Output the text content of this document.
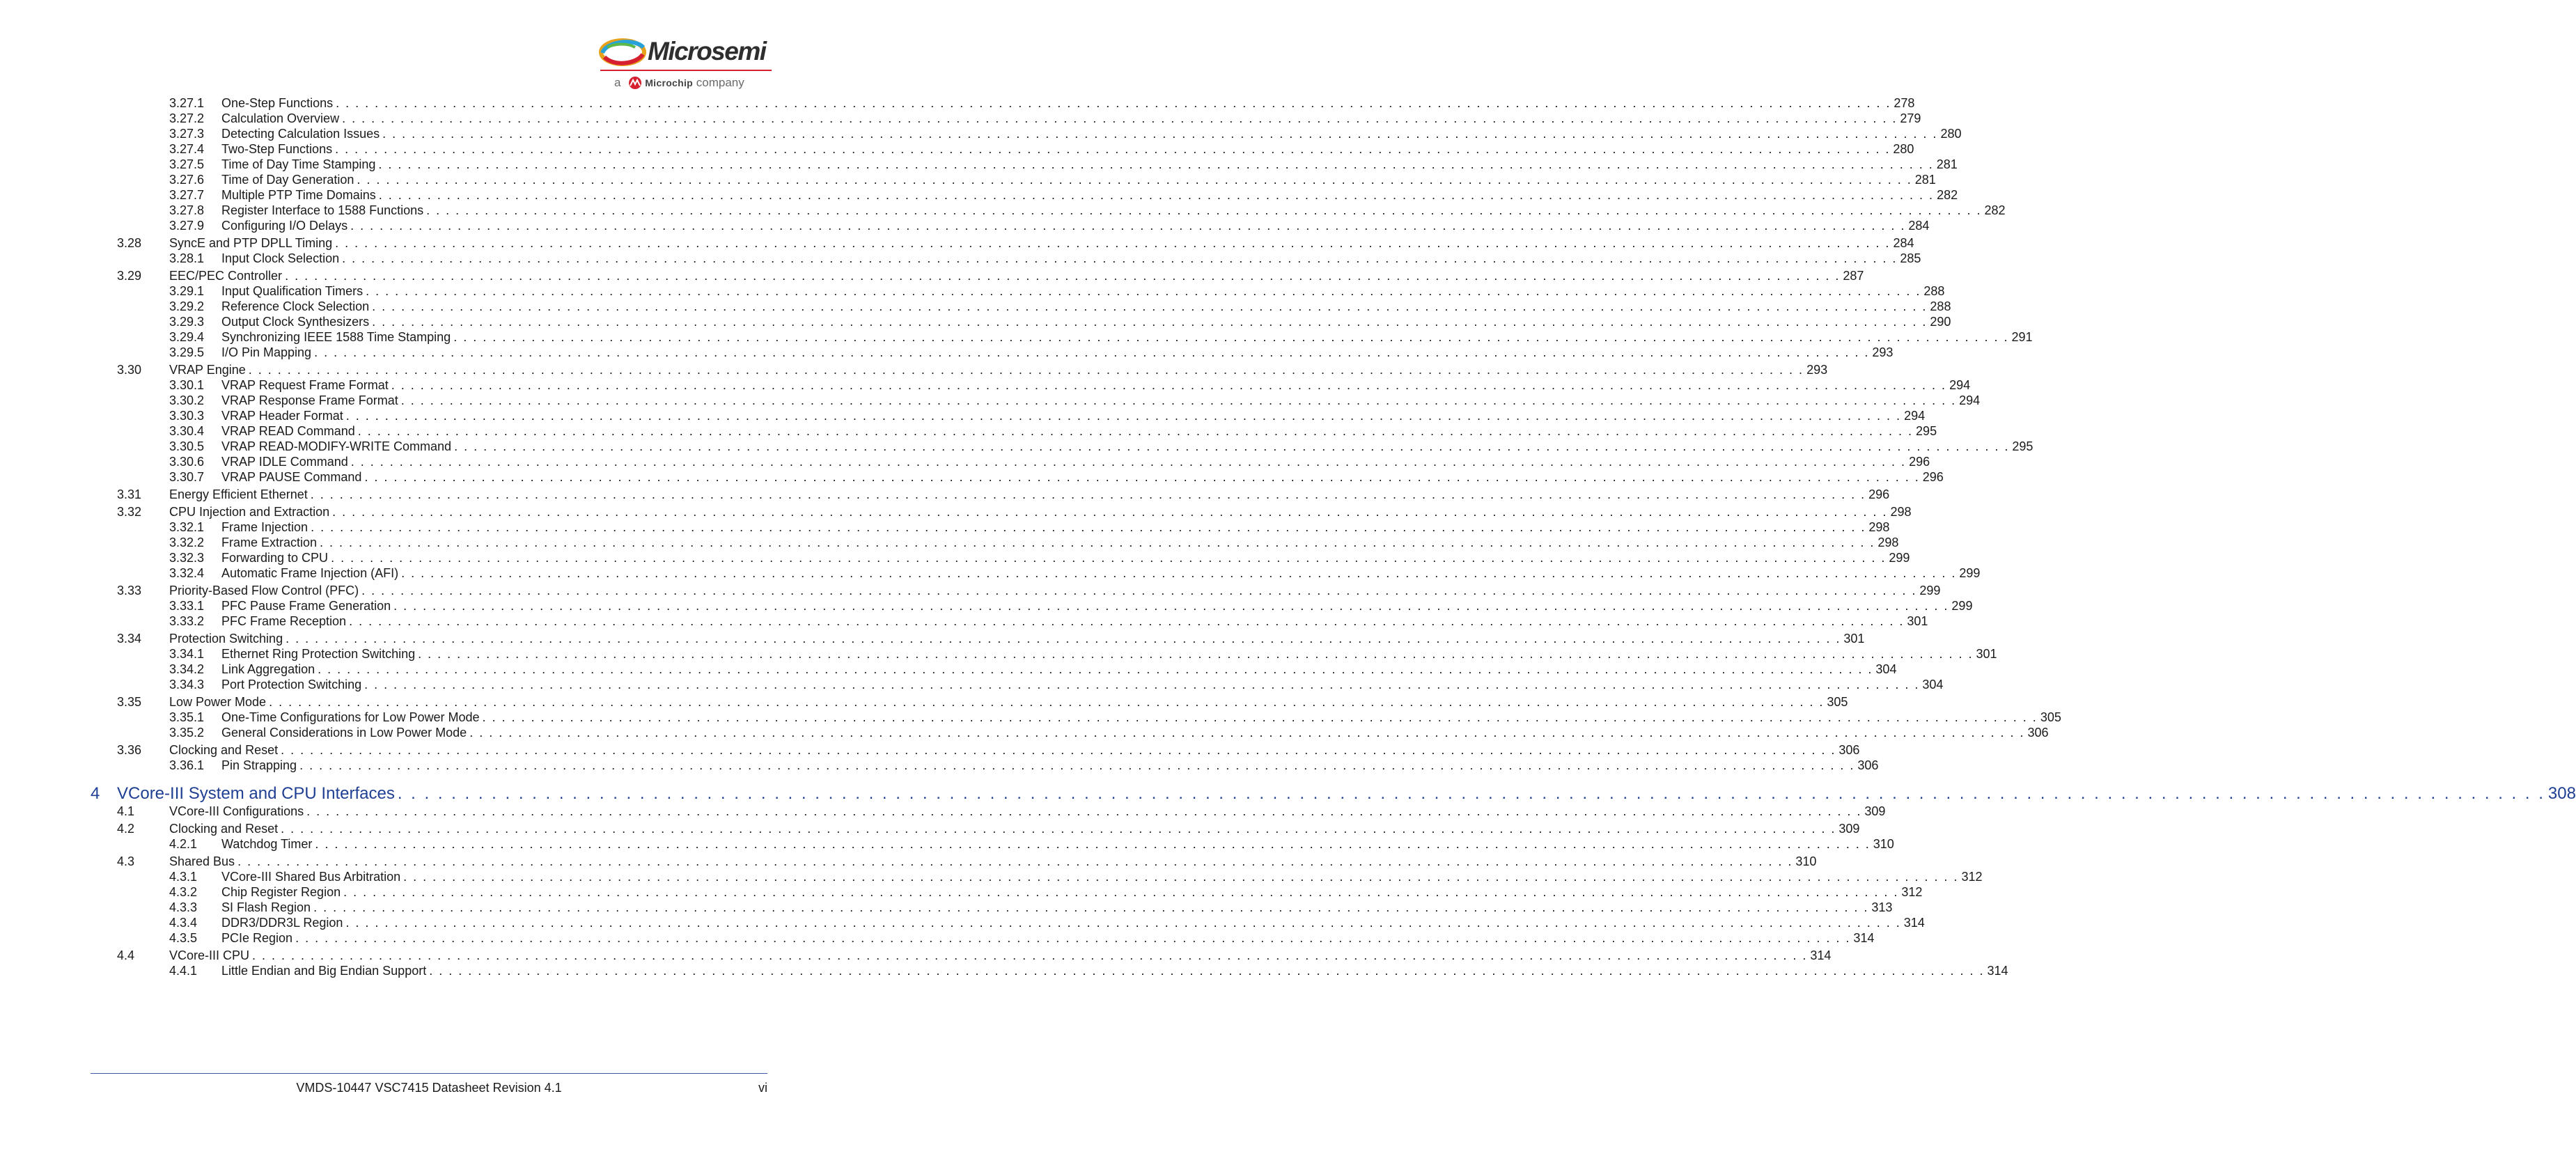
Microsemi
a Microchip company
3.27.1	One-Step Functions . . . . . . . . . . . . . . . . . . . . . . . . . . . . . . . . . . . . . . . . . . . . . . . . . . . . . . . . . . . . . . . . . . . . . . . . . . . . . . . . . . . . . . . . . . . . . . . . . . . . . . . . . . . . . . . . . . . . . . . . . . . . . . . . . . . . . . . . . . . . . . . . . . . . . . . . . . . . . . . . 278
3.27.2	Calculation Overview . . . . . . . . . . . . . . . . . . . . . . . . . . . . . . . . . . . . . . . . . . . . . . . . . . . . . . . . . . . . . . . . . . . . . . . . . . . . . . . . . . . . . . . . . . . . . . . . . . . . . . . . . . . . . . . . . . . . . . . . . . . . . . . . . . . . . . . . . . . . . . . . . . . . . . . . . . . . . . . . 279
3.27.3	Detecting Calculation Issues . . . . . . . . . . . . . . . . . . . . . . . . . . . . . . . . . . . . . . . . . . . . . . . . . . . . . . . . . . . . . . . . . . . . . . . . . . . . . . . . . . . . . . . . . . . . . . . . . . . . . . . . . . . . . . . . . . . . . . . . . . . . . . . . . . . . . . . . . . . . . . . . . . . . . . . . . . . . . . . . 280
3.27.4	Two-Step Functions . . . . . . . . . . . . . . . . . . . . . . . . . . . . . . . . . . . . . . . . . . . . . . . . . . . . . . . . . . . . . . . . . . . . . . . . . . . . . . . . . . . . . . . . . . . . . . . . . . . . . . . . . . . . . . . . . . . . . . . . . . . . . . . . . . . . . . . . . . . . . . . . . . . . . . . . . . . . . . . . 280
3.27.5	Time of Day Time Stamping . . . . . . . . . . . . . . . . . . . . . . . . . . . . . . . . . . . . . . . . . . . . . . . . . . . . . . . . . . . . . . . . . . . . . . . . . . . . . . . . . . . . . . . . . . . . . . . . . . . . . . . . . . . . . . . . . . . . . . . . . . . . . . . . . . . . . . . . . . . . . . . . . . . . . . . . . . . . . . . . 281
3.27.6	Time of Day Generation . . . . . . . . . . . . . . . . . . . . . . . . . . . . . . . . . . . . . . . . . . . . . . . . . . . . . . . . . . . . . . . . . . . . . . . . . . . . . . . . . . . . . . . . . . . . . . . . . . . . . . . . . . . . . . . . . . . . . . . . . . . . . . . . . . . . . . . . . . . . . . . . . . . . . . . . . . . . . . . . 281
3.27.7	Multiple PTP Time Domains . . . . . . . . . . . . . . . . . . . . . . . . . . . . . . . . . . . . . . . . . . . . . . . . . . . . . . . . . . . . . . . . . . . . . . . . . . . . . . . . . . . . . . . . . . . . . . . . . . . . . . . . . . . . . . . . . . . . . . . . . . . . . . . . . . . . . . . . . . . . . . . . . . . . . . . . . . . . . . . . 282
3.27.8	Register Interface to 1588 Functions . . . . . . . . . . . . . . . . . . . . . . . . . . . . . . . . . . . . . . . . . . . . . . . . . . . . . . . . . . . . . . . . . . . . . . . . . . . . . . . . . . . . . . . . . . . . . . . . . . . . . . . . . . . . . . . . . . . . . . . . . . . . . . . . . . . . . . . . . . . . . . . . . . . . . . . . . . . . . . . . 282
3.27.9	Configuring I/O Delays . . . . . . . . . . . . . . . . . . . . . . . . . . . . . . . . . . . . . . . . . . . . . . . . . . . . . . . . . . . . . . . . . . . . . . . . . . . . . . . . . . . . . . . . . . . . . . . . . . . . . . . . . . . . . . . . . . . . . . . . . . . . . . . . . . . . . . . . . . . . . . . . . . . . . . . . . . . . . . . . 284
3.28	SyncE and PTP DPLL Timing . . . . . . . . . . . . . . . . . . . . . . . . . . . . . . . . . . . . . . . . . . . . . . . . . . . . . . . . . . . . . . . . . . . . . . . . . . . . . . . . . . . . . . . . . . . . . . . . . . . . . . . . . . . . . . . . . . . . . . . . . . . . . . . . . . . . . . . . . . . . . . . . . . . . . . . . . . . . . . . . 284
3.28.1	Input Clock Selection . . . . . . . . . . . . . . . . . . . . . . . . . . . . . . . . . . . . . . . . . . . . . . . . . . . . . . . . . . . . . . . . . . . . . . . . . . . . . . . . . . . . . . . . . . . . . . . . . . . . . . . . . . . . . . . . . . . . . . . . . . . . . . . . . . . . . . . . . . . . . . . . . . . . . . . . . . . . . . . . 285
3.29	EEC/PEC Controller . . . . . . . . . . . . . . . . . . . . . . . . . . . . . . . . . . . . . . . . . . . . . . . . . . . . . . . . . . . . . . . . . . . . . . . . . . . . . . . . . . . . . . . . . . . . . . . . . . . . . . . . . . . . . . . . . . . . . . . . . . . . . . . . . . . . . . . . . . . . . . . . . . . . . . . . . . . . . . . . 287
3.29.1	Input Qualification Timers . . . . . . . . . . . . . . . . . . . . . . . . . . . . . . . . . . . . . . . . . . . . . . . . . . . . . . . . . . . . . . . . . . . . . . . . . . . . . . . . . . . . . . . . . . . . . . . . . . . . . . . . . . . . . . . . . . . . . . . . . . . . . . . . . . . . . . . . . . . . . . . . . . . . . . . . . . . . . . . . 288
3.29.2	Reference Clock Selection . . . . . . . . . . . . . . . . . . . . . . . . . . . . . . . . . . . . . . . . . . . . . . . . . . . . . . . . . . . . . . . . . . . . . . . . . . . . . . . . . . . . . . . . . . . . . . . . . . . . . . . . . . . . . . . . . . . . . . . . . . . . . . . . . . . . . . . . . . . . . . . . . . . . . . . . . . . . . . . . 288
3.29.3	Output Clock Synthesizers . . . . . . . . . . . . . . . . . . . . . . . . . . . . . . . . . . . . . . . . . . . . . . . . . . . . . . . . . . . . . . . . . . . . . . . . . . . . . . . . . . . . . . . . . . . . . . . . . . . . . . . . . . . . . . . . . . . . . . . . . . . . . . . . . . . . . . . . . . . . . . . . . . . . . . . . . . . . . . . . 290
3.29.4	Synchronizing IEEE 1588 Time Stamping . . . . . . . . . . . . . . . . . . . . . . . . . . . . . . . . . . . . . . . . . . . . . . . . . . . . . . . . . . . . . . . . . . . . . . . . . . . . . . . . . . . . . . . . . . . . . . . . . . . . . . . . . . . . . . . . . . . . . . . . . . . . . . . . . . . . . . . . . . . . . . . . . . . . . . . . . . . . . . . . 291
3.29.5	I/O Pin Mapping . . . . . . . . . . . . . . . . . . . . . . . . . . . . . . . . . . . . . . . . . . . . . . . . . . . . . . . . . . . . . . . . . . . . . . . . . . . . . . . . . . . . . . . . . . . . . . . . . . . . . . . . . . . . . . . . . . . . . . . . . . . . . . . . . . . . . . . . . . . . . . . . . . . . . . . . . . . . . . . . 293
3.30	VRAP Engine . . . . . . . . . . . . . . . . . . . . . . . . . . . . . . . . . . . . . . . . . . . . . . . . . . . . . . . . . . . . . . . . . . . . . . . . . . . . . . . . . . . . . . . . . . . . . . . . . . . . . . . . . . . . . . . . . . . . . . . . . . . . . . . . . . . . . . . . . . . . . . . . . . . . . . . . . . . . . . . . 293
3.30.1	VRAP Request Frame Format . . . . . . . . . . . . . . . . . . . . . . . . . . . . . . . . . . . . . . . . . . . . . . . . . . . . . . . . . . . . . . . . . . . . . . . . . . . . . . . . . . . . . . . . . . . . . . . . . . . . . . . . . . . . . . . . . . . . . . . . . . . . . . . . . . . . . . . . . . . . . . . . . . . . . . . . . . . . . . . . 294
3.30.2	VRAP Response Frame Format . . . . . . . . . . . . . . . . . . . . . . . . . . . . . . . . . . . . . . . . . . . . . . . . . . . . . . . . . . . . . . . . . . . . . . . . . . . . . . . . . . . . . . . . . . . . . . . . . . . . . . . . . . . . . . . . . . . . . . . . . . . . . . . . . . . . . . . . . . . . . . . . . . . . . . . . . . . . . . . . 294
3.30.3	VRAP Header Format . . . . . . . . . . . . . . . . . . . . . . . . . . . . . . . . . . . . . . . . . . . . . . . . . . . . . . . . . . . . . . . . . . . . . . . . . . . . . . . . . . . . . . . . . . . . . . . . . . . . . . . . . . . . . . . . . . . . . . . . . . . . . . . . . . . . . . . . . . . . . . . . . . . . . . . . . . . . . . . . 294
3.30.4	VRAP READ Command . . . . . . . . . . . . . . . . . . . . . . . . . . . . . . . . . . . . . . . . . . . . . . . . . . . . . . . . . . . . . . . . . . . . . . . . . . . . . . . . . . . . . . . . . . . . . . . . . . . . . . . . . . . . . . . . . . . . . . . . . . . . . . . . . . . . . . . . . . . . . . . . . . . . . . . . . . . . . . . . 295
3.30.5	VRAP READ-MODIFY-WRITE Command . . . . . . . . . . . . . . . . . . . . . . . . . . . . . . . . . . . . . . . . . . . . . . . . . . . . . . . . . . . . . . . . . . . . . . . . . . . . . . . . . . . . . . . . . . . . . . . . . . . . . . . . . . . . . . . . . . . . . . . . . . . . . . . . . . . . . . . . . . . . . . . . . . . . . . . . . . . . . . . . 295
3.30.6	VRAP IDLE Command . . . . . . . . . . . . . . . . . . . . . . . . . . . . . . . . . . . . . . . . . . . . . . . . . . . . . . . . . . . . . . . . . . . . . . . . . . . . . . . . . . . . . . . . . . . . . . . . . . . . . . . . . . . . . . . . . . . . . . . . . . . . . . . . . . . . . . . . . . . . . . . . . . . . . . . . . . . . . . . . 296
3.30.7	VRAP PAUSE Command . . . . . . . . . . . . . . . . . . . . . . . . . . . . . . . . . . . . . . . . . . . . . . . . . . . . . . . . . . . . . . . . . . . . . . . . . . . . . . . . . . . . . . . . . . . . . . . . . . . . . . . . . . . . . . . . . . . . . . . . . . . . . . . . . . . . . . . . . . . . . . . . . . . . . . . . . . . . . . . . 296
3.31	Energy Efficient Ethernet . . . . . . . . . . . . . . . . . . . . . . . . . . . . . . . . . . . . . . . . . . . . . . . . . . . . . . . . . . . . . . . . . . . . . . . . . . . . . . . . . . . . . . . . . . . . . . . . . . . . . . . . . . . . . . . . . . . . . . . . . . . . . . . . . . . . . . . . . . . . . . . . . . . . . . . . . . . . . . . . 296
3.32	CPU Injection and Extraction . . . . . . . . . . . . . . . . . . . . . . . . . . . . . . . . . . . . . . . . . . . . . . . . . . . . . . . . . . . . . . . . . . . . . . . . . . . . . . . . . . . . . . . . . . . . . . . . . . . . . . . . . . . . . . . . . . . . . . . . . . . . . . . . . . . . . . . . . . . . . . . . . . . . . . . . . . . . . . . . 298
3.32.1	Frame Injection . . . . . . . . . . . . . . . . . . . . . . . . . . . . . . . . . . . . . . . . . . . . . . . . . . . . . . . . . . . . . . . . . . . . . . . . . . . . . . . . . . . . . . . . . . . . . . . . . . . . . . . . . . . . . . . . . . . . . . . . . . . . . . . . . . . . . . . . . . . . . . . . . . . . . . . . . . . . . . . . 298
3.32.2	Frame Extraction . . . . . . . . . . . . . . . . . . . . . . . . . . . . . . . . . . . . . . . . . . . . . . . . . . . . . . . . . . . . . . . . . . . . . . . . . . . . . . . . . . . . . . . . . . . . . . . . . . . . . . . . . . . . . . . . . . . . . . . . . . . . . . . . . . . . . . . . . . . . . . . . . . . . . . . . . . . . . . . . 298
3.32.3	Forwarding to CPU . . . . . . . . . . . . . . . . . . . . . . . . . . . . . . . . . . . . . . . . . . . . . . . . . . . . . . . . . . . . . . . . . . . . . . . . . . . . . . . . . . . . . . . . . . . . . . . . . . . . . . . . . . . . . . . . . . . . . . . . . . . . . . . . . . . . . . . . . . . . . . . . . . . . . . . . . . . . . . . . 299
3.32.4	Automatic Frame Injection (AFI) . . . . . . . . . . . . . . . . . . . . . . . . . . . . . . . . . . . . . . . . . . . . . . . . . . . . . . . . . . . . . . . . . . . . . . . . . . . . . . . . . . . . . . . . . . . . . . . . . . . . . . . . . . . . . . . . . . . . . . . . . . . . . . . . . . . . . . . . . . . . . . . . . . . . . . . . . . . . . . . . 299
3.33	Priority-Based Flow Control (PFC) . . . . . . . . . . . . . . . . . . . . . . . . . . . . . . . . . . . . . . . . . . . . . . . . . . . . . . . . . . . . . . . . . . . . . . . . . . . . . . . . . . . . . . . . . . . . . . . . . . . . . . . . . . . . . . . . . . . . . . . . . . . . . . . . . . . . . . . . . . . . . . . . . . . . . . . . . . . . . . . . 299
3.33.1	PFC Pause Frame Generation . . . . . . . . . . . . . . . . . . . . . . . . . . . . . . . . . . . . . . . . . . . . . . . . . . . . . . . . . . . . . . . . . . . . . . . . . . . . . . . . . . . . . . . . . . . . . . . . . . . . . . . . . . . . . . . . . . . . . . . . . . . . . . . . . . . . . . . . . . . . . . . . . . . . . . . . . . . . . . . . 299
3.33.2	PFC Frame Reception . . . . . . . . . . . . . . . . . . . . . . . . . . . . . . . . . . . . . . . . . . . . . . . . . . . . . . . . . . . . . . . . . . . . . . . . . . . . . . . . . . . . . . . . . . . . . . . . . . . . . . . . . . . . . . . . . . . . . . . . . . . . . . . . . . . . . . . . . . . . . . . . . . . . . . . . . . . . . . . . 301
3.34	Protection Switching . . . . . . . . . . . . . . . . . . . . . . . . . . . . . . . . . . . . . . . . . . . . . . . . . . . . . . . . . . . . . . . . . . . . . . . . . . . . . . . . . . . . . . . . . . . . . . . . . . . . . . . . . . . . . . . . . . . . . . . . . . . . . . . . . . . . . . . . . . . . . . . . . . . . . . . . . . . . . . . . 301
3.34.1	Ethernet Ring Protection Switching . . . . . . . . . . . . . . . . . . . . . . . . . . . . . . . . . . . . . . . . . . . . . . . . . . . . . . . . . . . . . . . . . . . . . . . . . . . . . . . . . . . . . . . . . . . . . . . . . . . . . . . . . . . . . . . . . . . . . . . . . . . . . . . . . . . . . . . . . . . . . . . . . . . . . . . . . . . . . . . . 301
3.34.2	Link Aggregation . . . . . . . . . . . . . . . . . . . . . . . . . . . . . . . . . . . . . . . . . . . . . . . . . . . . . . . . . . . . . . . . . . . . . . . . . . . . . . . . . . . . . . . . . . . . . . . . . . . . . . . . . . . . . . . . . . . . . . . . . . . . . . . . . . . . . . . . . . . . . . . . . . . . . . . . . . . . . . . . 304
3.34.3	Port Protection Switching . . . . . . . . . . . . . . . . . . . . . . . . . . . . . . . . . . . . . . . . . . . . . . . . . . . . . . . . . . . . . . . . . . . . . . . . . . . . . . . . . . . . . . . . . . . . . . . . . . . . . . . . . . . . . . . . . . . . . . . . . . . . . . . . . . . . . . . . . . . . . . . . . . . . . . . . . . . . . . . . 304
3.35	Low Power Mode . . . . . . . . . . . . . . . . . . . . . . . . . . . . . . . . . . . . . . . . . . . . . . . . . . . . . . . . . . . . . . . . . . . . . . . . . . . . . . . . . . . . . . . . . . . . . . . . . . . . . . . . . . . . . . . . . . . . . . . . . . . . . . . . . . . . . . . . . . . . . . . . . . . . . . . . . . . . . . . . 305
3.35.1	One-Time Configurations for Low Power Mode . . . . . . . . . . . . . . . . . . . . . . . . . . . . . . . . . . . . . . . . . . . . . . . . . . . . . . . . . . . . . . . . . . . . . . . . . . . . . . . . . . . . . . . . . . . . . . . . . . . . . . . . . . . . . . . . . . . . . . . . . . . . . . . . . . . . . . . . . . . . . . . . . . . . . . . . . . . . . . . . 305
3.35.2	General Considerations in Low Power Mode . . . . . . . . . . . . . . . . . . . . . . . . . . . . . . . . . . . . . . . . . . . . . . . . . . . . . . . . . . . . . . . . . . . . . . . . . . . . . . . . . . . . . . . . . . . . . . . . . . . . . . . . . . . . . . . . . . . . . . . . . . . . . . . . . . . . . . . . . . . . . . . . . . . . . . . . . . . . . . . . 306
3.36	Clocking and Reset . . . . . . . . . . . . . . . . . . . . . . . . . . . . . . . . . . . . . . . . . . . . . . . . . . . . . . . . . . . . . . . . . . . . . . . . . . . . . . . . . . . . . . . . . . . . . . . . . . . . . . . . . . . . . . . . . . . . . . . . . . . . . . . . . . . . . . . . . . . . . . . . . . . . . . . . . . . . . . . . 306
3.36.1	Pin Strapping . . . . . . . . . . . . . . . . . . . . . . . . . . . . . . . . . . . . . . . . . . . . . . . . . . . . . . . . . . . . . . . . . . . . . . . . . . . . . . . . . . . . . . . . . . . . . . . . . . . . . . . . . . . . . . . . . . . . . . . . . . . . . . . . . . . . . . . . . . . . . . . . . . . . . . . . . . . . . . . . 306
4	VCore-III System and CPU Interfaces . . . . . . . . . . . . . . . . . . . . . . . . . . . . . . . . . . . . . . . . . . . . . . . . . . . . . . . . . . . . . . . . . . . . . . . . . . . . . . . . . . . . . . . . . . . . . . . . . . . . . . . . . . . . . . . . . . . . . . . . . . . . . . . . . . . . . . . . . . . . . . . . . . . . . . . . . . . . . . . . 308
4.1	VCore-III Configurations . . . . . . . . . . . . . . . . . . . . . . . . . . . . . . . . . . . . . . . . . . . . . . . . . . . . . . . . . . . . . . . . . . . . . . . . . . . . . . . . . . . . . . . . . . . . . . . . . . . . . . . . . . . . . . . . . . . . . . . . . . . . . . . . . . . . . . . . . . . . . . . . . . . . . . . . . . . . . . . . 309
4.2	Clocking and Reset . . . . . . . . . . . . . . . . . . . . . . . . . . . . . . . . . . . . . . . . . . . . . . . . . . . . . . . . . . . . . . . . . . . . . . . . . . . . . . . . . . . . . . . . . . . . . . . . . . . . . . . . . . . . . . . . . . . . . . . . . . . . . . . . . . . . . . . . . . . . . . . . . . . . . . . . . . . . . . . . 309
4.2.1	Watchdog Timer . . . . . . . . . . . . . . . . . . . . . . . . . . . . . . . . . . . . . . . . . . . . . . . . . . . . . . . . . . . . . . . . . . . . . . . . . . . . . . . . . . . . . . . . . . . . . . . . . . . . . . . . . . . . . . . . . . . . . . . . . . . . . . . . . . . . . . . . . . . . . . . . . . . . . . . . . . . . . . . . 310
4.3	Shared Bus . . . . . . . . . . . . . . . . . . . . . . . . . . . . . . . . . . . . . . . . . . . . . . . . . . . . . . . . . . . . . . . . . . . . . . . . . . . . . . . . . . . . . . . . . . . . . . . . . . . . . . . . . . . . . . . . . . . . . . . . . . . . . . . . . . . . . . . . . . . . . . . . . . . . . . . . . . . . . . . . 310
4.3.1	VCore-III Shared Bus Arbitration . . . . . . . . . . . . . . . . . . . . . . . . . . . . . . . . . . . . . . . . . . . . . . . . . . . . . . . . . . . . . . . . . . . . . . . . . . . . . . . . . . . . . . . . . . . . . . . . . . . . . . . . . . . . . . . . . . . . . . . . . . . . . . . . . . . . . . . . . . . . . . . . . . . . . . . . . . . . . . . . 312
4.3.2	Chip Register Region . . . . . . . . . . . . . . . . . . . . . . . . . . . . . . . . . . . . . . . . . . . . . . . . . . . . . . . . . . . . . . . . . . . . . . . . . . . . . . . . . . . . . . . . . . . . . . . . . . . . . . . . . . . . . . . . . . . . . . . . . . . . . . . . . . . . . . . . . . . . . . . . . . . . . . . . . . . . . . . . 312
4.3.3	SI Flash Region . . . . . . . . . . . . . . . . . . . . . . . . . . . . . . . . . . . . . . . . . . . . . . . . . . . . . . . . . . . . . . . . . . . . . . . . . . . . . . . . . . . . . . . . . . . . . . . . . . . . . . . . . . . . . . . . . . . . . . . . . . . . . . . . . . . . . . . . . . . . . . . . . . . . . . . . . . . . . . . . 313
4.3.4	DDR3/DDR3L Region . . . . . . . . . . . . . . . . . . . . . . . . . . . . . . . . . . . . . . . . . . . . . . . . . . . . . . . . . . . . . . . . . . . . . . . . . . . . . . . . . . . . . . . . . . . . . . . . . . . . . . . . . . . . . . . . . . . . . . . . . . . . . . . . . . . . . . . . . . . . . . . . . . . . . . . . . . . . . . . . 314
4.3.5	PCIe Region . . . . . . . . . . . . . . . . . . . . . . . . . . . . . . . . . . . . . . . . . . . . . . . . . . . . . . . . . . . . . . . . . . . . . . . . . . . . . . . . . . . . . . . . . . . . . . . . . . . . . . . . . . . . . . . . . . . . . . . . . . . . . . . . . . . . . . . . . . . . . . . . . . . . . . . . . . . . . . . . 314
4.4	VCore-III CPU . . . . . . . . . . . . . . . . . . . . . . . . . . . . . . . . . . . . . . . . . . . . . . . . . . . . . . . . . . . . . . . . . . . . . . . . . . . . . . . . . . . . . . . . . . . . . . . . . . . . . . . . . . . . . . . . . . . . . . . . . . . . . . . . . . . . . . . . . . . . . . . . . . . . . . . . . . . . . . . . 314
4.4.1	Little Endian and Big Endian Support . . . . . . . . . . . . . . . . . . . . . . . . . . . . . . . . . . . . . . . . . . . . . . . . . . . . . . . . . . . . . . . . . . . . . . . . . . . . . . . . . . . . . . . . . . . . . . . . . . . . . . . . . . . . . . . . . . . . . . . . . . . . . . . . . . . . . . . . . . . . . . . . . . . . . . . . . . . . . . . . 314
VMDS-10447 VSC7415 Datasheet Revision 4.1	vi
